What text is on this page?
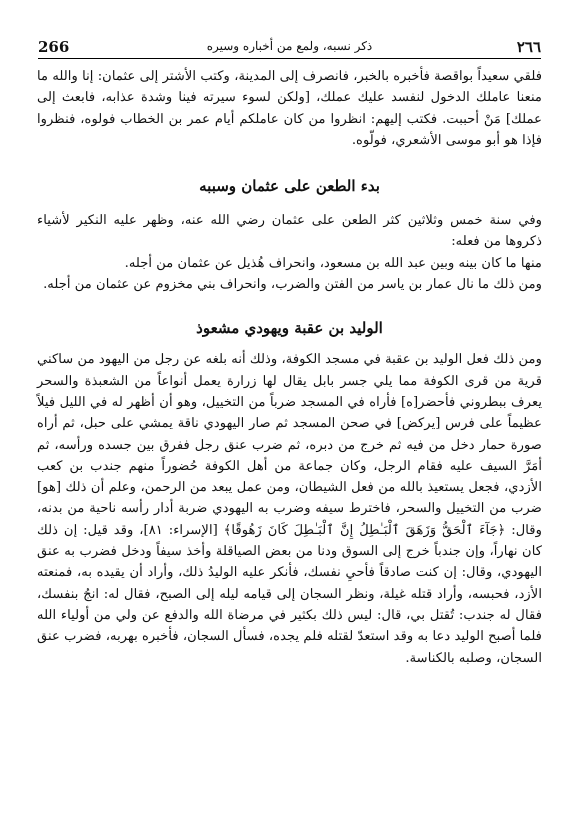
٢٦٦
ذكر نسبه، ولمع من أخباره وسيره
266

فلقي سعيداً بواقصة فأخبره بالخبر، فانصرف إلى المدينة، وكتب الأشتر إلى عثمان: إنا والله ما منعنا عاملك الدخول لنفسد عليك عملك، [ولكن لسوء سيرته فينا وشدة عذابه، فابعث إلى عملك] مَنْ أحببت. فكتب إليهم: انظروا من كان عاملكم أيام عمر بن الخطاب فولوه، فنظروا فإذا هو أبو موسى الأشعري، فولّوه.

بدء الطعن على عثمان وسببه

وفي سنة خمس وثلاثين كثر الطعن على عثمان رضي الله عنه، وظهر عليه النكير لأشياء ذكروها من فعله:

منها ما كان بينه وبين عبد الله بن مسعود، وانحراف هُذيل عن عثمان من أجله.

ومن ذلك ما نال عمار بن ياسر من الفتن والضرب، وانحراف بني مخزوم عن عثمان من أجله.

الوليد بن عقبة ويهودي مشعوذ

ومن ذلك فعل الوليد بن عقبة في مسجد الكوفة، وذلك أنه بلغه عن رجل من اليهود من ساكني قرية من قرى الكوفة مما يلي جسر بابل يقال لها زرارة يعمل أنواعاً من الشعبذة والسحر يعرف ببطروني فأحضر[ه] فأراه في المسجد ضرباً من التخييل، وهو أن أظهر له في الليل فيلاً عظيماً على فرس [يركض] في صحن المسجد ثم صار اليهودي ناقة يمشي على حبل، ثم أراه صورة حمار دخل من فيه ثم خرج من دبره، ثم ضرب عنق رجل ففرق بين جسده ورأسه، ثم أمَرَّ السيف عليه فقام الرجل، وكان جماعة من أهل الكوفة حُضوراً منهم جندب بن كعب الأزدي، فجعل يستعيذ بالله من فعل الشيطان، ومن عمل يبعد من الرحمن، وعلم أن ذلك [هو] ضرب من التخييل والسحر، فاخترط سيفه وضرب به اليهودي ضربة أدار رأسه ناحية من بدنه، وقال: ﴿جَآءَ ٱلْحَقُّ وَزَهَقَ ٱلْبَـٰطِلُ إِنَّ ٱلْبَـٰطِلَ كَانَ زَهُوقًا﴾ [الإسراء: ٨١]، وقد قيل: إن ذلك كان نهاراً، وإن جندباً خرج إلى السوق ودنا من بعض الصياقلة وأخذ سيفاً ودخل فضرب به عنق اليهودي، وقال: إن كنت صادقاً فأحيِ نفسك، فأنكر عليه الوليدُ ذلك، وأراد أن يقيده به، فمنعته الأزد، فحبسه، وأراد قتله غيلة، ونظر السجان إلى قيامه ليله إلى الصبح، فقال له: انجُ بنفسك، فقال له جندب: تُقتل بي، قال: ليس ذلك بكثير في مرضاة الله والدفع عن ولي من أولياء الله فلما أصبح الوليد دعا به وقد استعدّ لقتله فلم يجده، فسأل السجان، فأخبره بهربه، فضرب عنق السجان، وصلبه بالكناسة.
